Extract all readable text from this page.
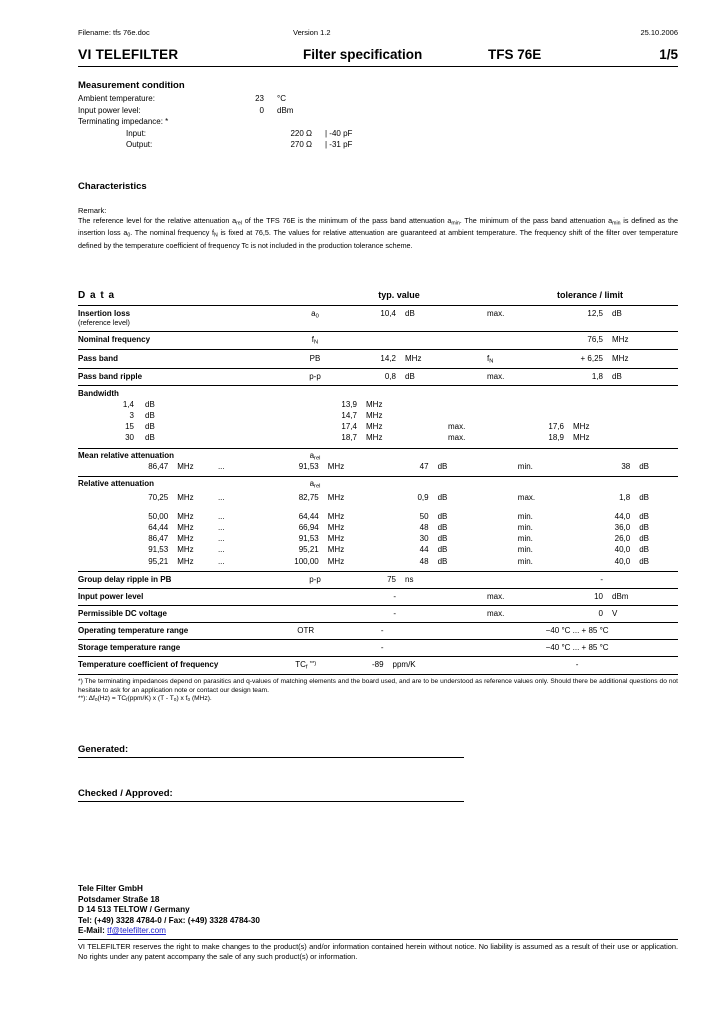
Filename: tfs 76e.doc	Version 1.2	25.10.2006
VI TELEFILTER	Filter specification	TFS 76E	1/5
Measurement condition
Ambient temperature:	23	°C
Input power level:	0	dBm
Terminating impedance: *
Input:	220 Ω	| -40 pF
Output:	270 Ω	| -31 pF
Characteristics
Remark:
The reference level for the relative attenuation $a_{rel}$ of the TFS 76E is the minimum of the pass band attenuation $a_{min}$. The minimum of the pass band attenuation $a_{min}$ is defined as the insertion loss $a_0$. The nominal frequency $f_N$ is fixed at 76,5. The values for relative attenuation are guaranteed at ambient temperature. The frequency shift of the filter over temperature defined by the temperature coefficient of frequency Tc is not included in the production tolerance scheme.
D a t a	typ. value	tolerance / limit
Insertion loss
(reference level)
$a_0$	10,4	dB	max.	12,5	dB
Nominal frequency	$f_N$	76,5	MHz
Pass band	PB	14,2	MHz	$f_N$	+ 6,25	MHz
Pass band ripple	p-p	0,8	dB	max.	1,8	dB
Bandwidth
1,4	dB	13,9	MHz
3	dB	14,7	MHz
15	dB	17,4	MHz	max.	17,6	MHz
30	dB	18,7	MHz	max.	18,9	MHz
Mean relative attenuation	$a_{rel}$
86,47	MHz	...	91,53	MHz	47	dB	min.	38	dB
Relative attenuation	$a_{rel}$
70,25	MHz	...	82,75	MHz	0,9	dB	max.	1,8	dB
50,00	MHz	...	64,44	MHz	50	dB	min.	44,0	dB
64,44	MHz	...	66,94	MHz	48	dB	min.	36,0	dB
86,47	MHz	...	91,53	MHz	30	dB	min.	26,0	dB
91,53	MHz	...	95,21	MHz	44	dB	min.	40,0	dB
95,21	MHz	...	100,00	MHz	48	dB	min.	40,0	dB
Group delay ripple in PB	p-p	75	ns	-
Input power level	-	max.	10	dBm
Permissible DC voltage	-	max.	0	V
Operating temperature range	OTR	-	−40 °C ... + 85 °C
Storage temperature range	-	−40 °C ... + 85 °C
Temperature coefficient of frequency	$TC_f$ **)	-89	ppm/K	-
*) The terminating impedances depend on parasitics and q-values of matching elements and the board used, and are to be understood as reference values only. Should there be additional questions do not hesitate to ask for an application note or contact our design team.
**): $\Delta f_0(Hz) = TC_f(ppm/K)$ x $(T - T_0)$ x $f_0$ (MHz).
Generated:
Checked / Approved:
Tele Filter GmbH
Potsdamer Straße 18
D 14 513 TELTOW / Germany
Tel: (+49) 3328 4784-0 / Fax: (+49) 3328 4784-30
E-Mail: tf@telefilter.com
VI TELEFILTER reserves the right to make changes to the product(s) and/or information contained herein without notice. No liability is assumed as a result of their use or application. No rights under any patent accompany the sale of any such product(s) or information.
